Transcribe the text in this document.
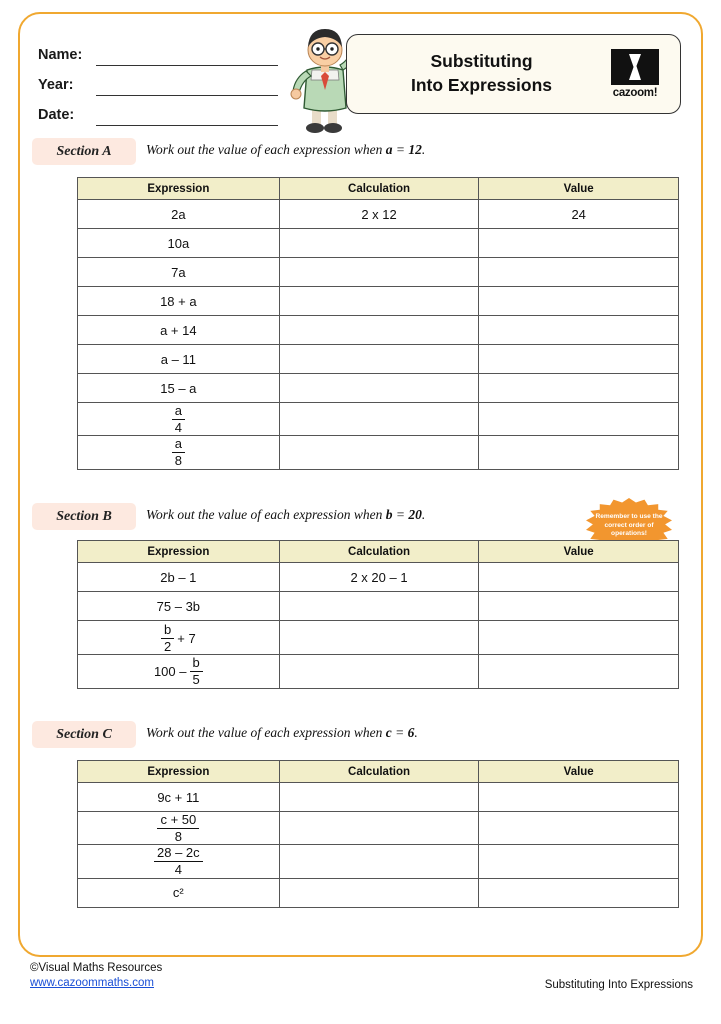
Name:
Year:
Date:
Substituting
Into Expressions	cazoom!
Section A	Work out the value of each expression when a = 12.
Expression	Calculation	Value
2a	2 x 12	24
10a		
7a		
18 + a		
a + 14		
a – 11		
15 – a		

$\frac{a}{4}$

$\frac{a}{8}$

Section B	Work out the value of each expression when b = 20.	Remember to use the correct order of operations!
Expression	Calculation	Value
2b – 1	2 x 20 – 1	
75 – 3b		

$\frac{b}{2} + 7$		

$100 - \frac{b}{5}$

Section C	Work out the value of each expression when c = 6.
Expression	Calculation	Value
9c + 11		

$\frac{c + 50}{8}$

$\frac{28 - 2c}{4}$

c²		
©Visual Maths Resources
www.cazoommaths.com	Substituting Into Expressions
